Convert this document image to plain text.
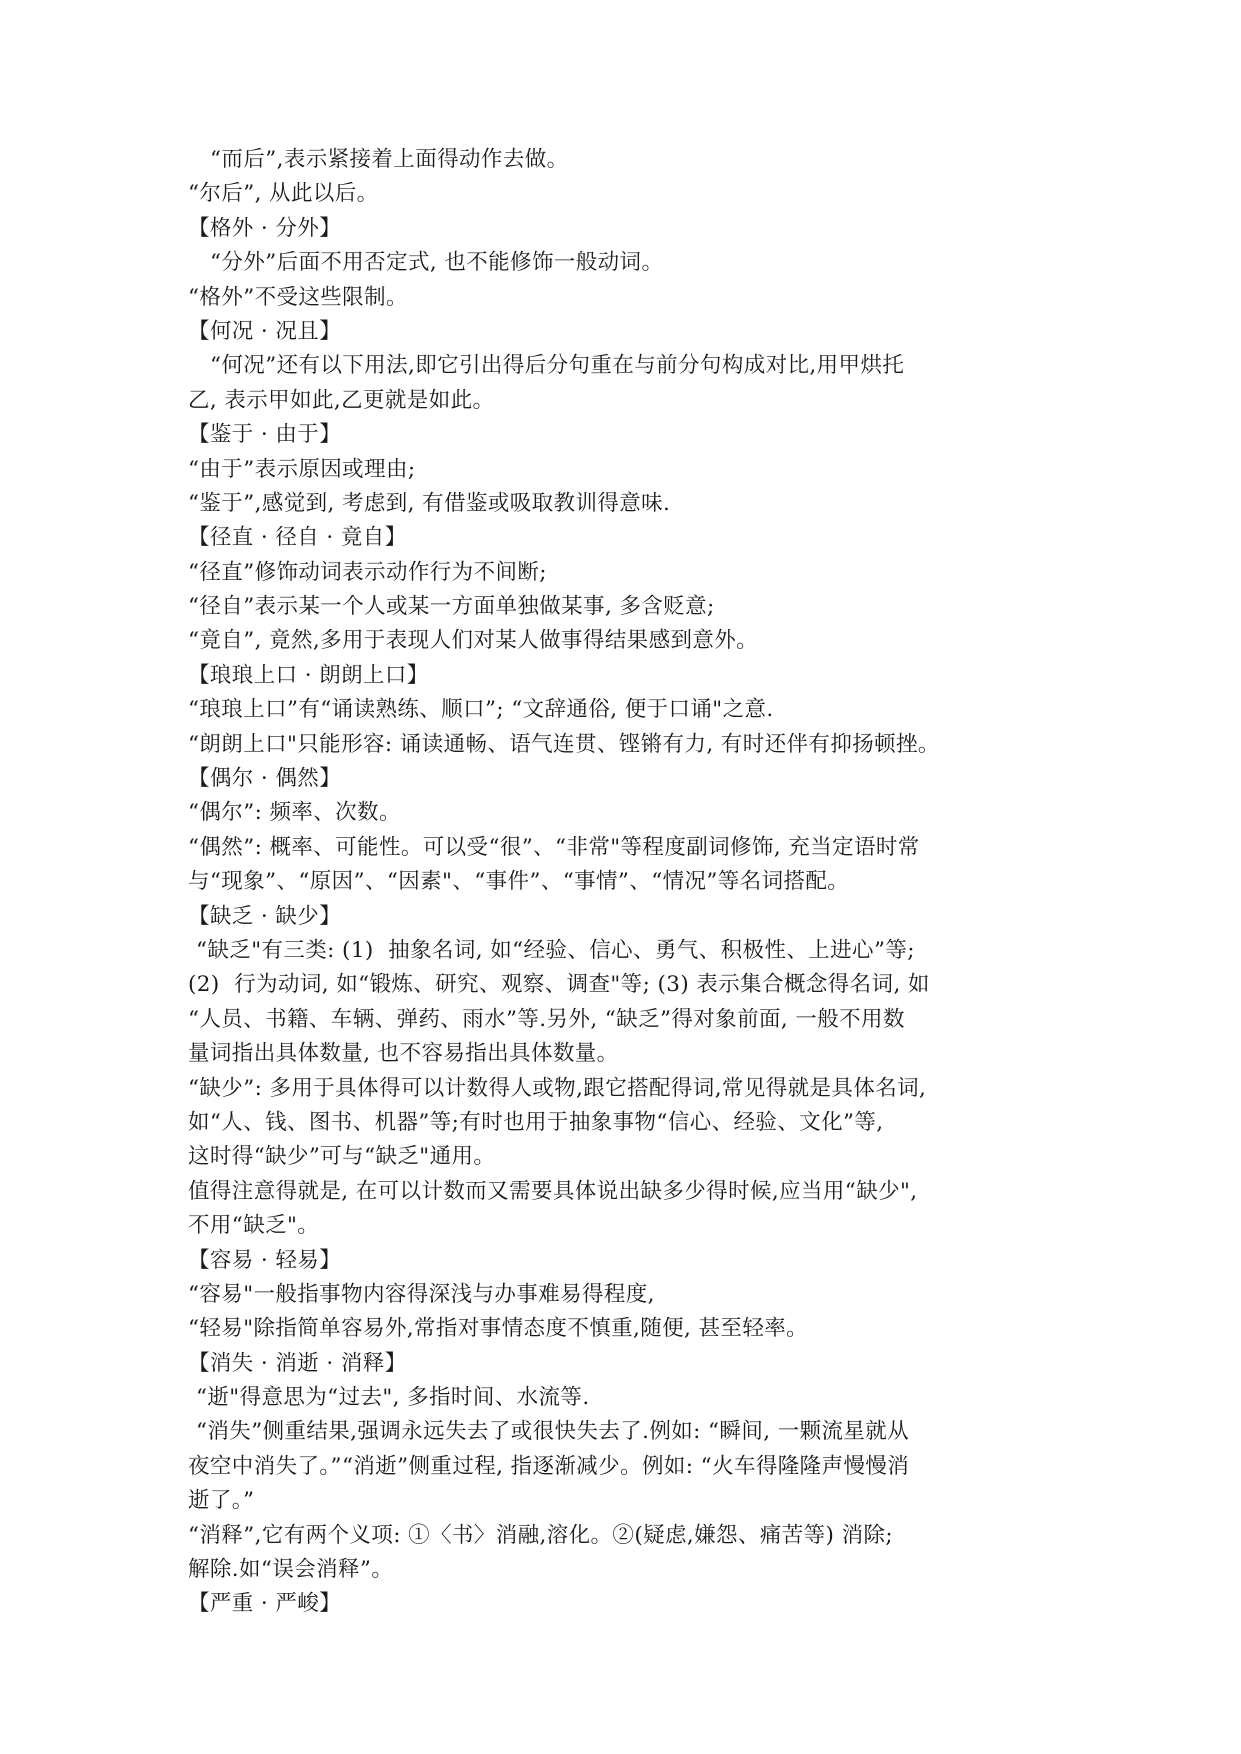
“而后”,表示紧接着上面得动作去做。
“尔后”, 从此以后。
【格外 · 分外】
“分外”后面不用否定式, 也不能修饰一般动词。
“格外”不受这些限制。
【何况 · 况且】
“何况”还有以下用法,即它引出得后分句重在与前分句构成对比,用甲烘托
乙, 表示甲如此,乙更就是如此。
【鉴于 · 由于】
“由于”表示原因或理由;
“鉴于”,感觉到, 考虑到, 有借鉴或吸取教训得意味.
【径直 · 径自 · 竟自】
“径直”修饰动词表示动作行为不间断;
“径自”表示某一个人或某一方面单独做某事, 多含贬意;
“竟自”, 竟然,多用于表现人们对某人做事得结果感到意外。
【琅琅上口 · 朗朗上口】
“琅琅上口”有“诵读熟练、顺口”; “文辞通俗, 便于口诵"之意.
“朗朗上口"只能形容: 诵读通畅、语气连贯、铿锵有力, 有时还伴有抑扬顿挫。
【偶尔 · 偶然】
“偶尔”: 频率、次数。
“偶然”: 概率、可能性。可以受“很”、“非常"等程度副词修饰, 充当定语时常
与“现象”、“原因”、“因素"、“事件”、“事情”、“情况”等名词搭配。
【缺乏 · 缺少】
“缺乏"有三类: (1)  抽象名词, 如“经验、信心、勇气、积极性、上进心”等;
(2)  行为动词, 如“锻炼、研究、观察、调查"等; (3) 表示集合概念得名词, 如
“人员、书籍、车辆、弹药、雨水”等.另外, “缺乏”得对象前面, 一般不用数
量词指出具体数量, 也不容易指出具体数量。
“缺少”: 多用于具体得可以计数得人或物,跟它搭配得词,常见得就是具体名词,
如“人、钱、图书、机器”等;有时也用于抽象事物“信心、经验、文化”等,
这时得“缺少”可与“缺乏"通用。
值得注意得就是, 在可以计数而又需要具体说出缺多少得时候,应当用“缺少",
不用“缺乏"。
【容易 · 轻易】
“容易"一般指事物内容得深浅与办事难易得程度,
“轻易"除指简单容易外,常指对事情态度不慎重,随便, 甚至轻率。
【消失 · 消逝 · 消释】
“逝"得意思为“过去", 多指时间、水流等.
“消失”侧重结果,强调永远失去了或很快失去了.例如: “瞬间, 一颗流星就从
夜空中消失了。”“消逝”侧重过程, 指逐渐减少。例如: “火车得隆隆声慢慢消
逝了。”
“消释”,它有两个义项: ①〈书〉消融,溶化。②(疑虑,嫌怨、痛苦等) 消除;
解除.如“误会消释”。
【严重 · 严峻】
